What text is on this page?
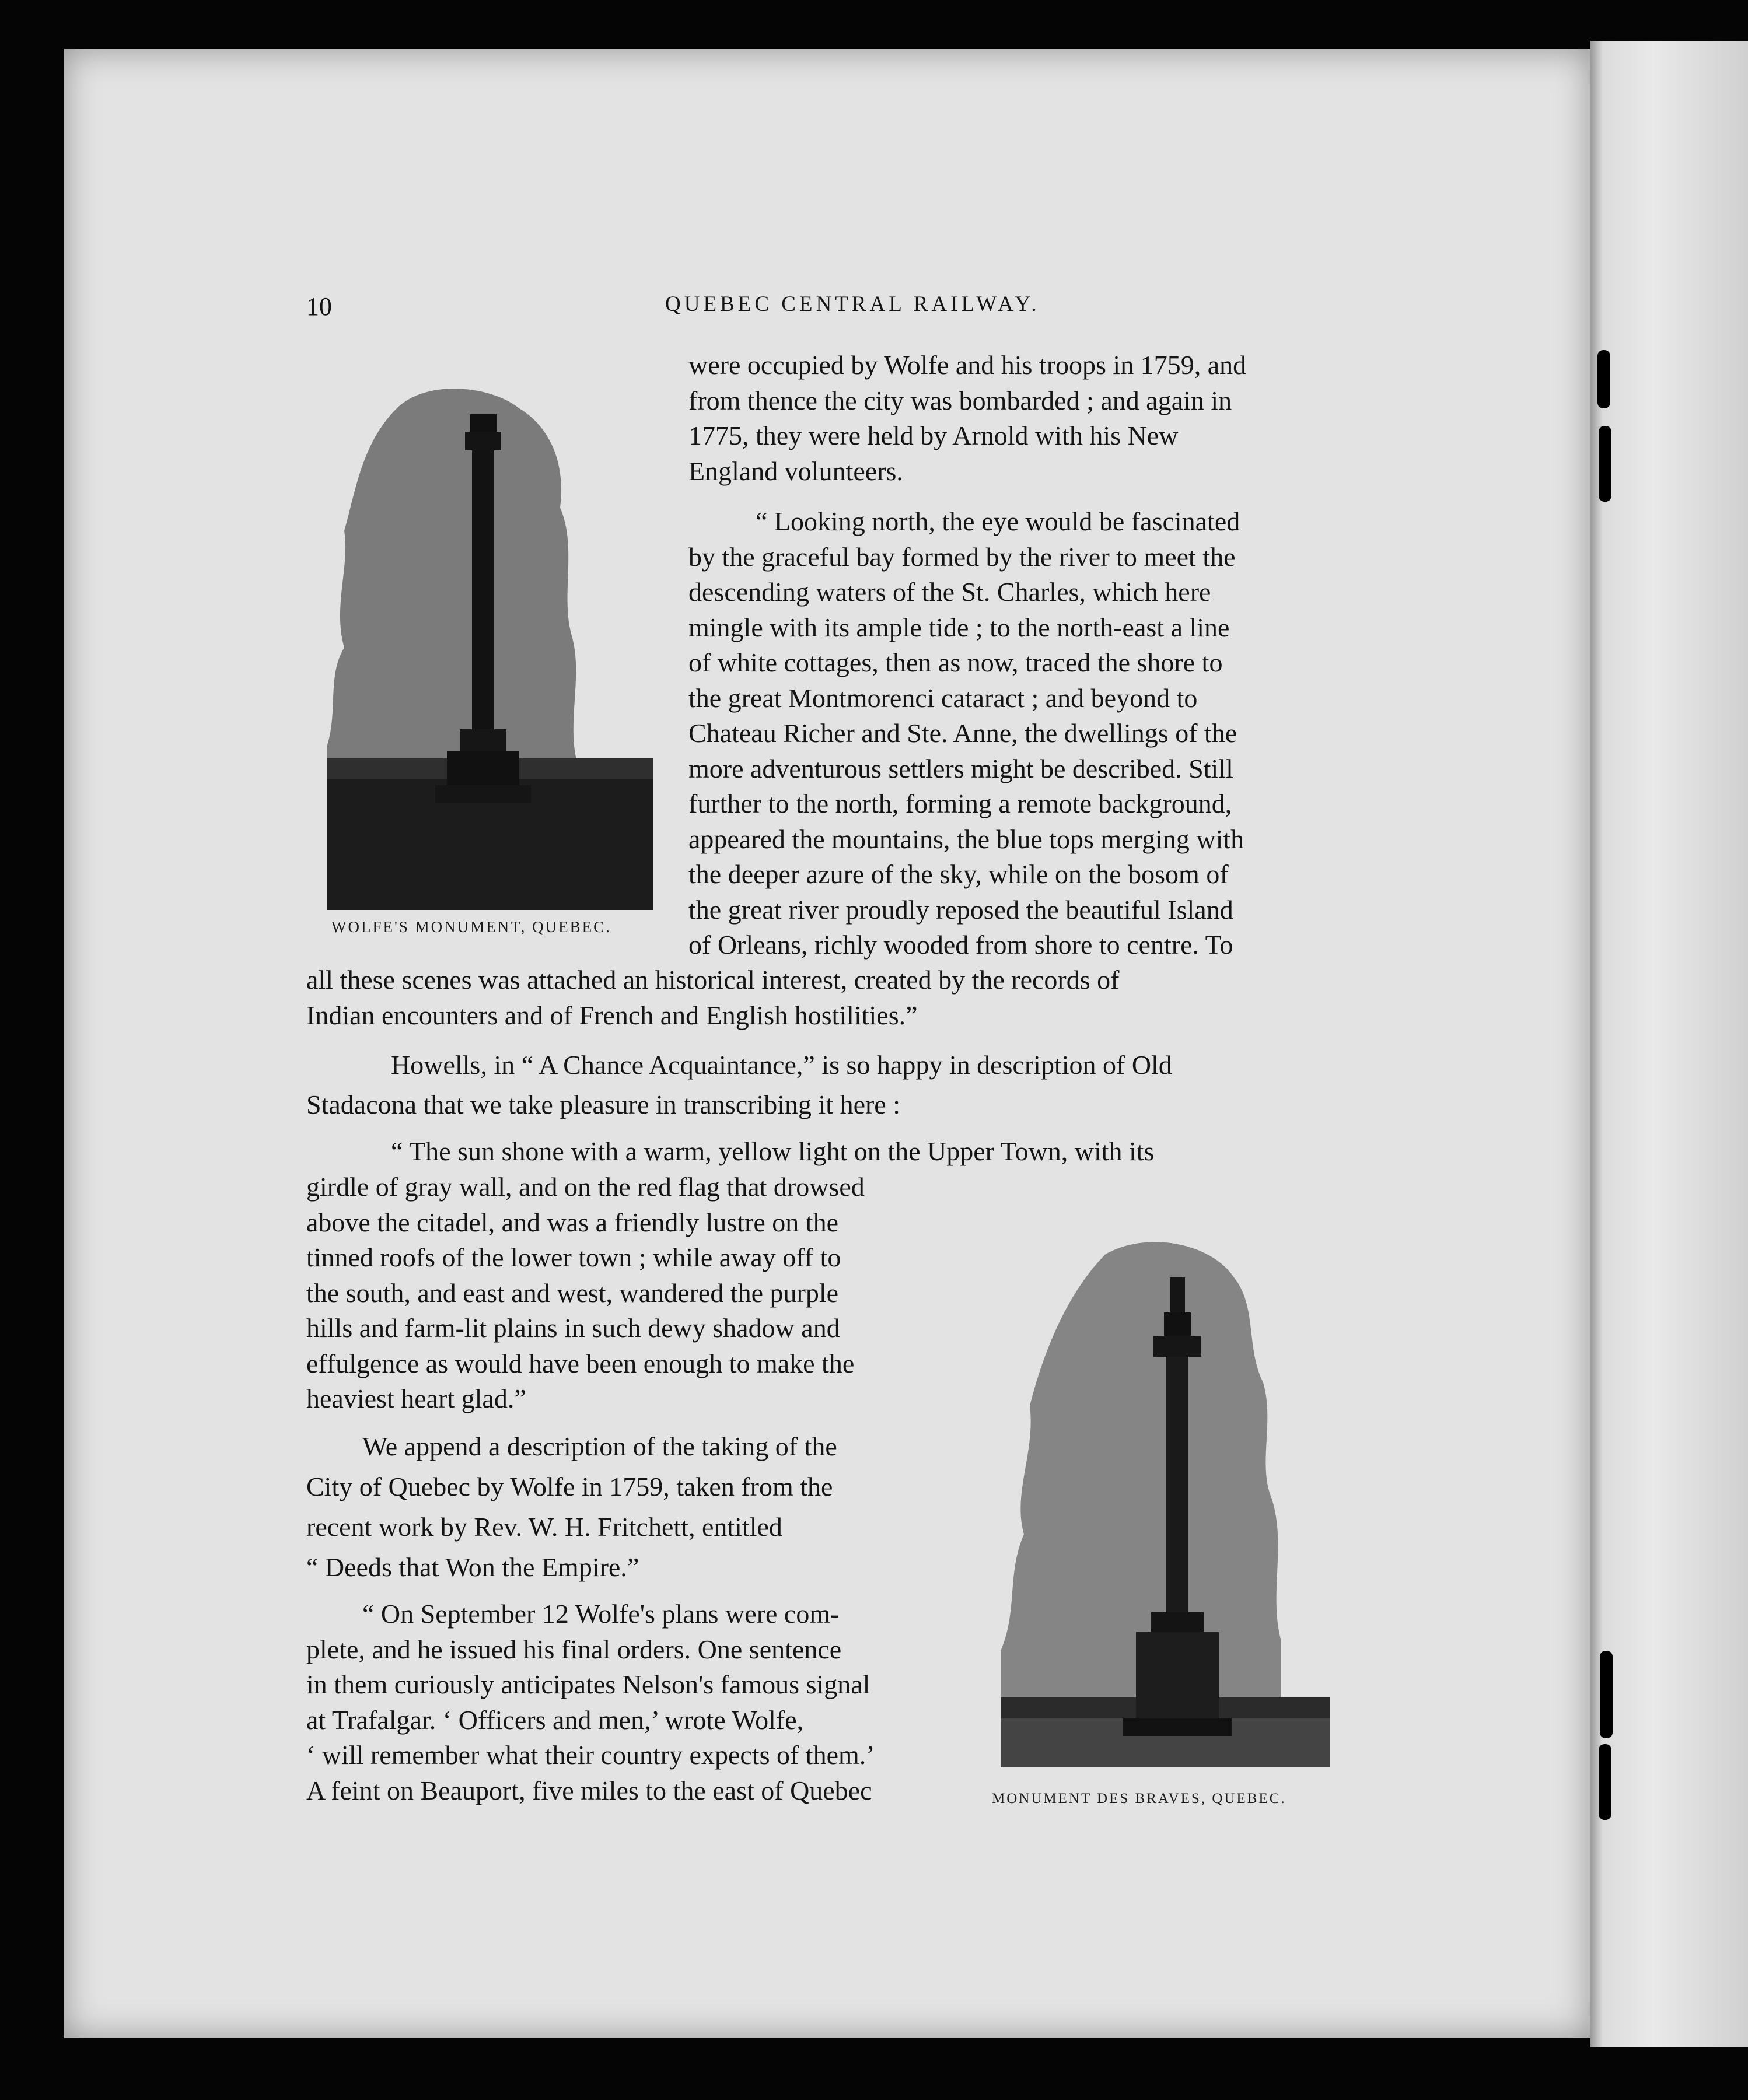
10	QUEBEC CENTRAL RAILWAY.

WOLFE'S MONUMENT, QUEBEC.

MONUMENT DES BRAVES, QUEBEC.

were occupied by Wolfe and his troops in 1759, and
from thence the city was bombarded ; and again in
1775, they were held by Arnold with his New
England volunteers.
“ Looking north, the eye would be fascinated
by the graceful bay formed by the river to meet the
descending waters of the St. Charles, which here
mingle with its ample tide ; to the north-east a line
of white cottages, then as now, traced the shore to
the great Montmorenci cataract ; and beyond to
Chateau Richer and Ste. Anne, the dwellings of the
more adventurous settlers might be described. Still
further to the north, forming a remote background,
appeared the mountains, the blue tops merging with
the deeper azure of the sky, while on the bosom of
the great river proudly reposed the beautiful Island
of Orleans, richly wooded from shore to centre. To
all these scenes was attached an historical interest, created by the records of
Indian encounters and of French and English hostilities.”
Howells, in “ A Chance Acquaintance,” is so happy in description of Old
Stadacona that we take pleasure in transcribing it here :
“ The sun shone with a warm, yellow light on the Upper Town, with its
girdle of gray wall, and on the red flag that drowsed
above the citadel, and was a friendly lustre on the
tinned roofs of the lower town ; while away off to
the south, and east and west, wandered the purple
hills and farm-lit plains in such dewy shadow and
effulgence as would have been enough to make the
heaviest heart glad.”
We append a description of the taking of the
City of Quebec by Wolfe in 1759, taken from the
recent work by Rev. W. H. Fritchett, entitled
“ Deeds that Won the Empire.”
“ On September 12 Wolfe's plans were com-
plete, and he issued his final orders. One sentence
in them curiously anticipates Nelson's famous signal
at Trafalgar. ‘ Officers and men,’ wrote Wolfe,
‘ will remember what their country expects of them.’
A feint on Beauport, five miles to the east of Quebec
